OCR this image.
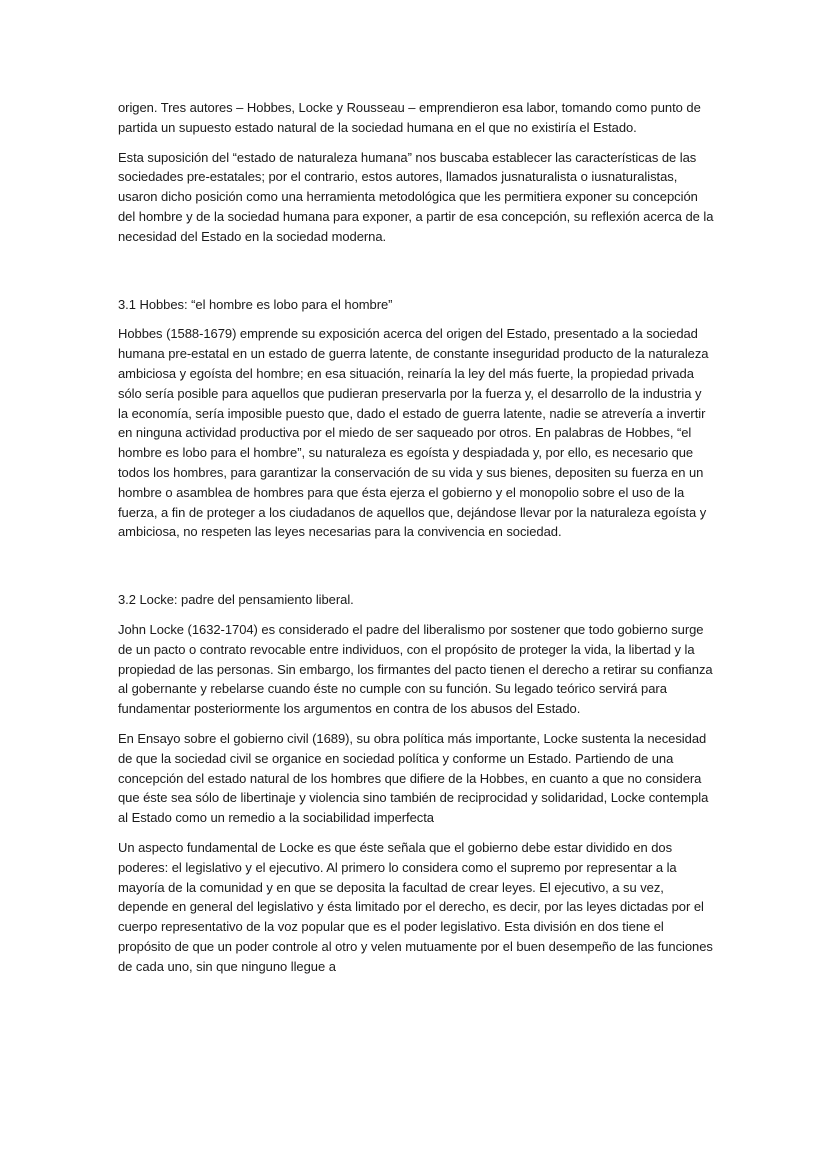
origen. Tres autores – Hobbes, Locke y Rousseau – emprendieron esa labor, tomando como punto de partida un supuesto estado natural de la sociedad humana en el que no existiría el Estado.

Esta suposición del “estado de naturaleza humana” nos buscaba establecer las características de las sociedades pre-estatales; por el contrario, estos autores, llamados jusnaturalista o iusnaturalistas, usaron dicho posición como una herramienta metodológica que les permitiera exponer su concepción del hombre y de la sociedad humana para exponer, a partir de esa concepción, su reflexión acerca de la necesidad del Estado en la sociedad moderna.

3.1 Hobbes: “el hombre es lobo para el hombre”

Hobbes (1588-1679) emprende su exposición acerca del origen del Estado, presentado a la sociedad humana pre-estatal en un estado de guerra latente, de constante inseguridad producto de la naturaleza ambiciosa y egoísta del hombre; en esa situación, reinaría la ley del más fuerte, la propiedad privada sólo sería posible para aquellos que pudieran preservarla por la fuerza y, el desarrollo de la industria y la economía, sería imposible puesto que, dado el estado de guerra latente, nadie se atrevería a invertir en ninguna actividad productiva por el miedo de ser saqueado por otros. En palabras de Hobbes, “el hombre es lobo para el hombre”, su naturaleza es egoísta y despiadada y, por ello, es necesario que todos los hombres, para garantizar la conservación de su vida y sus bienes, depositen su fuerza en un hombre o asamblea de hombres para que ésta ejerza el gobierno y el monopolio sobre el uso de la fuerza, a fin de proteger a los ciudadanos de aquellos que, dejándose llevar por la naturaleza egoísta y ambiciosa, no respeten las leyes necesarias para la convivencia en sociedad.

3.2 Locke: padre del pensamiento liberal.

John Locke (1632-1704) es considerado el padre del liberalismo por sostener que todo gobierno surge de un pacto o contrato revocable entre individuos, con el propósito de proteger la vida, la libertad y la propiedad de las personas. Sin embargo, los firmantes del pacto tienen el derecho a retirar su confianza al gobernante y rebelarse cuando éste no cumple con su función. Su legado teórico servirá para fundamentar posteriormente los argumentos en contra de los abusos del Estado.

En Ensayo sobre el gobierno civil (1689), su obra política más importante, Locke sustenta la necesidad de que la sociedad civil se organice en sociedad política y conforme un Estado. Partiendo de una concepción del estado natural de los hombres que difiere de la Hobbes, en cuanto a que no considera que éste sea sólo de libertinaje y violencia sino también de reciprocidad y solidaridad, Locke contempla al Estado como un remedio a la sociabilidad imperfecta

Un aspecto fundamental de Locke es que éste señala que el gobierno debe estar dividido en dos poderes: el legislativo y el ejecutivo. Al primero lo considera como el supremo por representar a la mayoría de la comunidad y en que se deposita la facultad de crear leyes. El ejecutivo, a su vez, depende en general del legislativo y ésta limitado por el derecho, es decir, por las leyes dictadas por el cuerpo representativo de la voz popular que es el poder legislativo. Esta división en dos tiene el propósito de que un poder controle al otro y velen mutuamente por el buen desempeño de las funciones de cada uno, sin que ninguno llegue a
